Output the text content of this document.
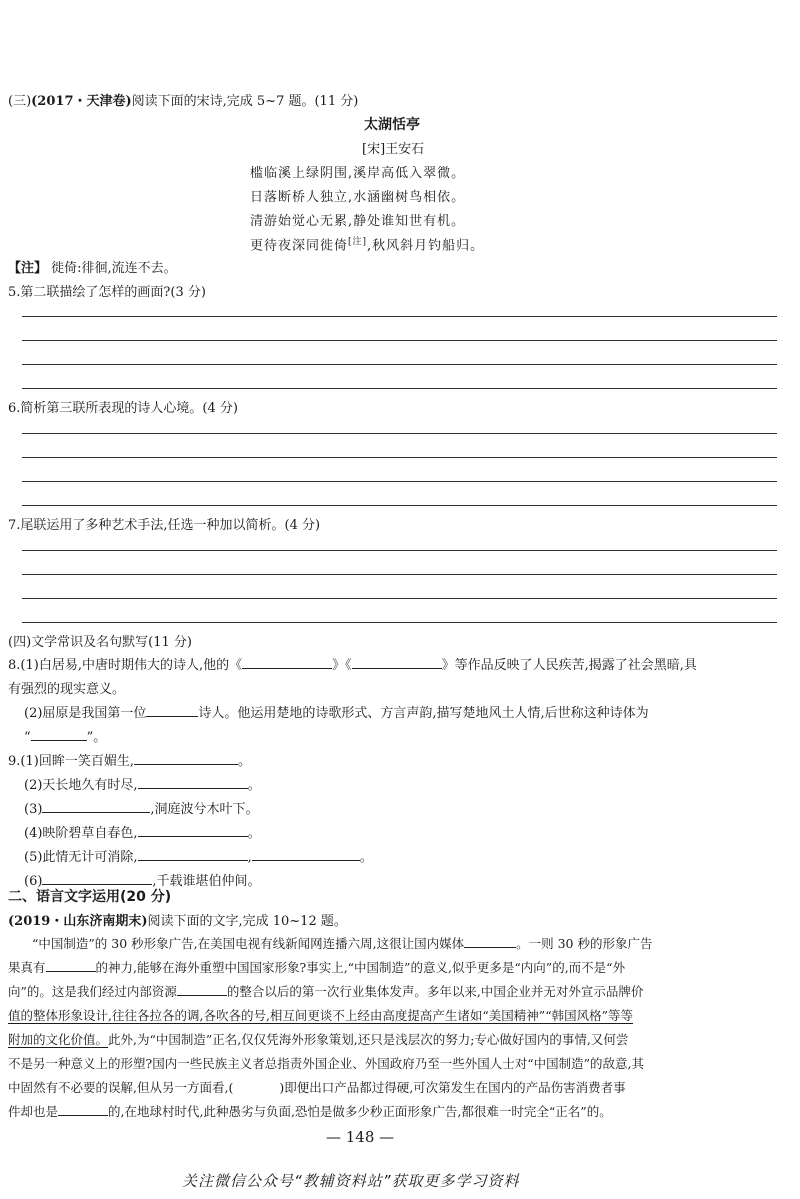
(三)(2017・天津卷)阅读下面的宋诗,完成 5~7 题。(11 分)
太湖恬亭
[宋]王安石
槛临溪上绿阴围,溪岸高低入翠微。
日落断桥人独立,水涵幽树鸟相依。
清游始觉心无累,静处谁知世有机。
更待夜深同徙倚[注],秋风斜月钓船归。
【注】 徙倚:徘徊,流连不去。
5.第二联描绘了怎样的画面?(3 分)
6.简析第三联所表现的诗人心境。(4 分)
7.尾联运用了多种艺术手法,任选一种加以简析。(4 分)
(四)文学常识及名句默写(11 分)
8.(1)白居易,中唐时期伟大的诗人,他的《	》《	》等作品反映了人民疾苦,揭露了社会黑暗,具
有强烈的现实意义。
(2)屈原是我国第一位	诗人。他运用楚地的诗歌形式、方言声韵,描写楚地风土人情,后世称这种诗体为
“	”。
9.(1)回眸一笑百媚生,	。
(2)天长地久有时尽,	。
(3)	,洞庭波兮木叶下。
(4)映阶碧草自春色,	。
(5)此情无计可消除,	,	。
(6)	,千载谁堪伯仲间。
二、语言文字运用(20 分)
(2019・山东济南期末)阅读下面的文字,完成 10~12 题。
“中国制造”的 30 秒形象广告,在美国电视有线新闻网连播六周,这很让国内媒体	。一则 30 秒的形象广告
果真有	的神力,能够在海外重塑中国国家形象?事实上,“中国制造”的意义,似乎更多是“内向”的,而不是“外
向”的。这是我们经过内部资源	的整合以后的第一次行业集体发声。多年以来,中国企业并无对外宣示品牌价
值的整体形象设计,往往各拉各的调,各吹各的号,相互间更谈不上经由高度提高产生诸如“美国精神”“韩国风格”等等
附加的文化价值。此外,为“中国制造”正名,仅仅凭海外形象策划,还只是浅层次的努力;专心做好国内的事情,又何尝
不是另一种意义上的形塑?国内一些民族主义者总指责外国企业、外国政府乃至一些外国人士对“中国制造”的敌意,其
中固然有不必要的误解,但从另一方面看,(	)即便出口产品都过得硬,可次第发生在国内的产品伤害消费者事
件却也是	的,在地球村时代,此种愚劣与负面,恐怕是做多少秒正面形象广告,都很难一时完全“正名”的。
— 148 —
关注微信公众号“教辅资料站”获取更多学习资料
